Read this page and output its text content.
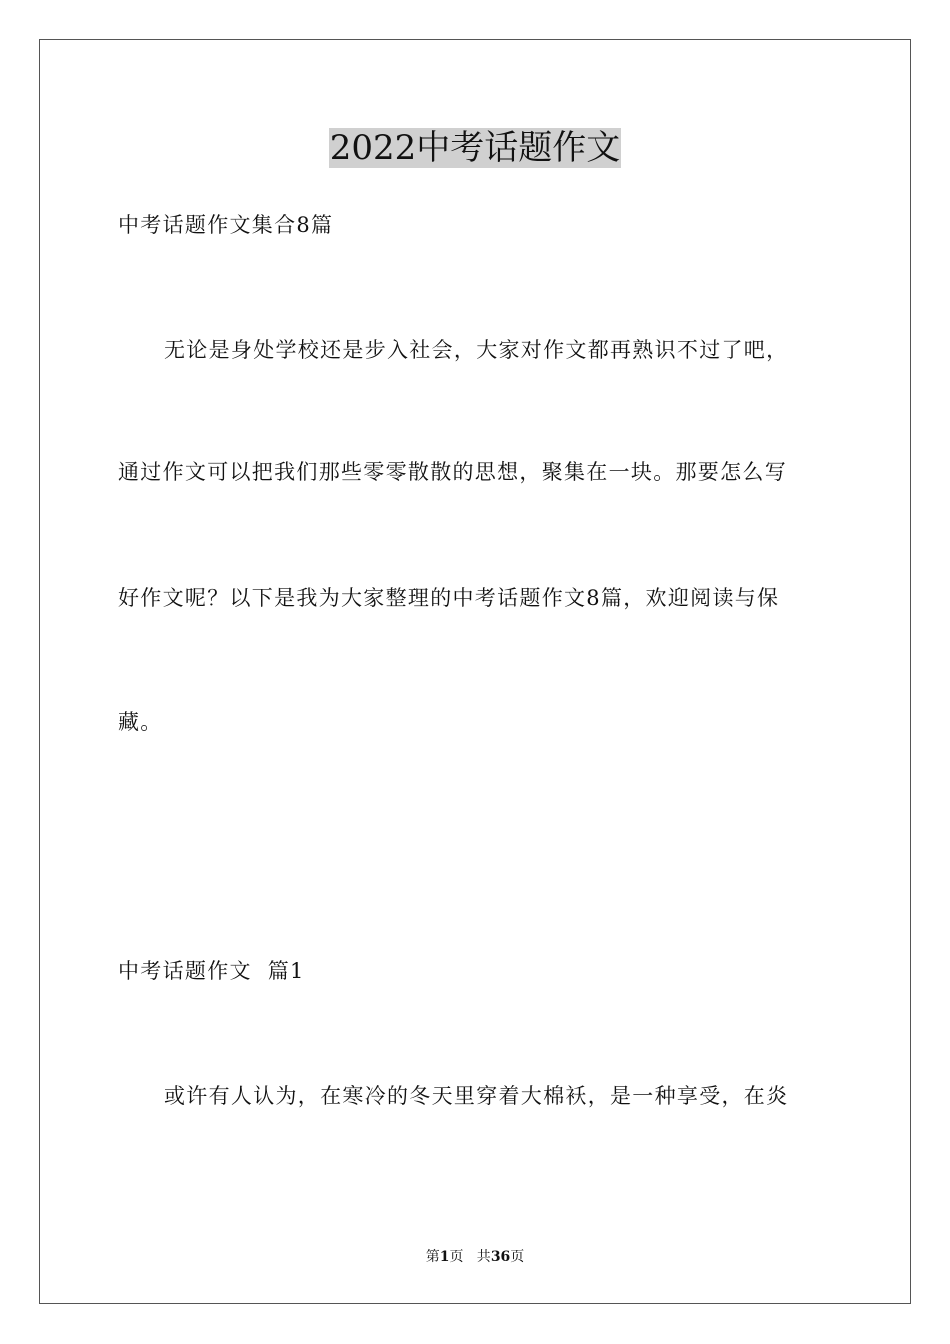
2022中考话题作文

中考话题作文集合8篇

无论是身处学校还是步入社会，大家对作文都再熟识不过了吧，

通过作文可以把我们那些零零散散的思想，聚集在一块。那要怎么写

好作文呢？以下是我为大家整理的中考话题作文8篇，欢迎阅读与保

藏。

中考话题作文  篇1

或许有人认为，在寒冷的冬天里穿着大棉袄，是一种享受，在炎

第1页   共36页
